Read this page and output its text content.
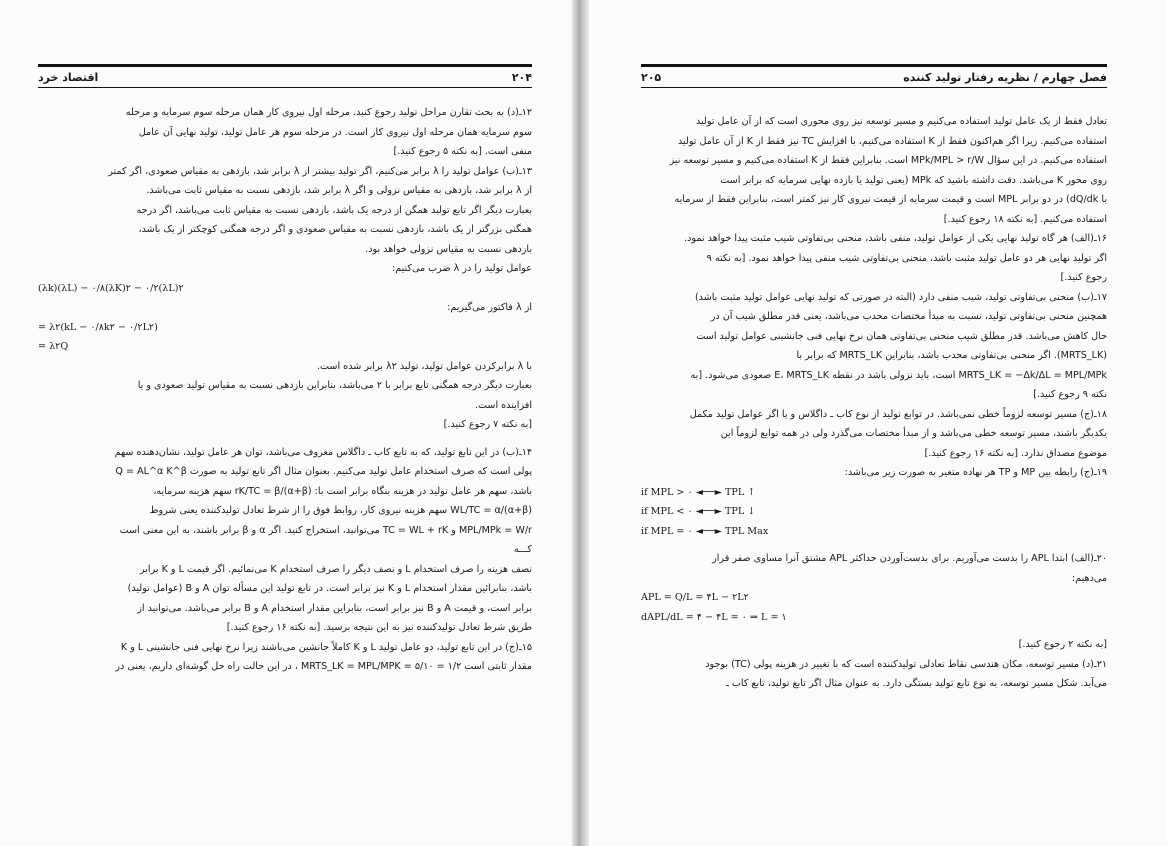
۲۰۴
اقتصاد خرد

۱۲ـ(د) به بحث تقارن مراحل تولید رجوع کنید. مرحله اول نیروی کار همان مرحله سوم سرمایه و مرحله

سوم سرمایه همان مرحله اول نیروی کار است. در مرحله سوم هر عامل تولید، تولید نهایی آن عامل

منفی است. [به نکته ۵ رجوع کنید.]

۱۳ـ(ب) عوامل تولید را λ برابر می‌کنیم، اگر تولید بیشتر از λ برابر شد، بازدهی به مقیاس صعودی، اگر کمتر

از λ برابر شد، بازدهی به مقیاس نزولی و اگر λ برابر شد، بازدهی نسبت به مقیاس ثابت می‌باشد.

بعبارت دیگر اگر تابع تولید همگن از درجه یک باشد، بازدهی نسبت به مقیاس ثابت می‌باشد، اگر درجه

همگنی بزرگتر از یک باشد، بازدهی نسبت به مقیاس صعودی و اگر درجه همگنی کوچکتر از یک باشد،

بازدهی نسبت به مقیاس نزولی خواهد بود.

عوامل تولید را در λ ضرب می‌کنیم:

(λk)(λL) − ۰/۸(λK)۲ − ۰/۲(λL)۲

از λ فاکتور می‌گیریم:

= λ۲(kL − ۰/۸k۲ − ۰/۲L۲)

= λ۲Q

با λ برابرکردن عوامل تولید، تولید λ۲ برابر شده است.

بعبارت دیگر درجه همگنی تابع برابر با ۲ می‌باشد، بنابراین بازدهی نسبت به مقیاس تولید صعودی و یا

افزاینده است.

[به نکته ۷ رجوع کنید.]

۱۴ـ(ب) در این تابع تولید، که به تابع کاب ـ داگلاس معروف می‌باشد، توان هر عامل تولید، نشان‌دهنده سهم

پولی است که صرف استخدام عامل تولید می‌کنیم. بعنوان مثال اگر تابع تولید به صورت Q = AL^α K^β

باشد، سهم هر عامل تولید در هزینه بنگاه برابر است با: rK/TC = β/(α+β) سهم هزینه سرمایه،

WL/TC = α/(α+β) سهم هزینه نیروی کار، روابط فوق را از شرط تعادل تولیدکننده یعنی شروط

MPL/MPk = W/r و TC = WL + rK می‌توانید، استخراج کنید. اگر α و β برابر باشند، به این معنی است

کـــه

نصف هزینه را صرف استخدام L و نصف دیگر را صرف استخدام K می‌نمائیم. اگر قیمت L و K برابر

باشد، بنابرائین مقدار استخدام L و K نیز برابر است. در تابع تولید این مسأله توان A و B (عوامل تولید)

برابر است، و قیمت A و B نیز برابر است، بنابراین مقدار استخدام A و B برابر می‌باشد. می‌توانید از

طریق شرط تعادل تولیدکننده نیز به این نتیجه برسید. [به نکته ۱۶ رجوع کنید.]

۱۵ـ(ج) در این تابع تولید، دو عامل تولید L و K کاملاً جانشین می‌باشند زیرا نرخ نهایی فنی جانشینی L و K

مقدار ثابتی است MRTS_LK = MPL/MPK = ۵/۱۰ = ۱/۲ ، در این حالت راه حل گوشه‌ای داریم، یعنی در

فصل چهارم / نظریه رفتار تولید کننده
۲۰۵

تعادل فقط از یک عامل تولید استفاده می‌کنیم و مسیر توسعه نیز روی محوری است که از آن عامل تولید

استفاده می‌کنیم. زیرا اگر هم‌اکنون فقط از K استفاده می‌کنیم، با افزایش TC نیز فقط از K از آن عامل تولید

استفاده می‌کنیم. در این سؤال MPk/MPL > r/W است. بنابراین فقط از K استفاده می‌کنیم و مسیر توسعه نیز

روی محور K می‌باشد. دقت داشته باشید که MPk (یعنی تولید یا بازده نهایی سرمایه که برابر است

با dQ/dk) در دو برابر MPL است و قیمت سرمایه از قیمت نیروی کار نیز کمتر است، بنابراین فقط از سرمایه

استفاده می‌کنیم. [به نکته ۱۸ رجوع کنید.]

۱۶ـ(الف) هر گاه تولید نهایی یکی از عوامل تولید، منفی باشد، منحنی بی‌تفاوتی شیب مثبت پیدا خواهد نمود.

اگر تولید نهایی هر دو عامل تولید مثبت باشد، منحنی بی‌تفاوتی شیب منفی پیدا خواهد نمود. [به نکته ۹

رجوع کنید.]

۱۷ـ(ب) منحنی بی‌تفاوتی تولید، شیب منفی دارد (البته در صورتی که تولید نهایی عوامل تولید مثبت باشد)

همچنین منحنی بی‌تفاوتی تولید، نسبت به مبدأ مختصات محدب می‌باشد، یعنی قدر مطلق شیب آن در

حال کاهش می‌باشد. قدر مطلق شیب منحنی بی‌تفاوتی همان نرخ نهایی فنی جانشینی عوامل تولید است

(MRTS_LK). اگر منحنی بی‌تفاوتی محدب باشد، بنابراین MRTS_LK که برابر با

MRTS_LK = −Δk/ΔL = MPL/MPk است، باید نزولی باشد در نقطه E، MRTS_LK صعودی می‌شود. [به

نکته ۹ رجوع کنید.]

۱۸ـ(ج) مسیر توسعه لزوماً خطی نمی‌باشد. در توابع تولید از نوع کاب ـ داگلاس و یا اگر عوامل تولید مکمل

یکدیگر باشند، مسیر توسعه خطی می‌باشد و از مبدأ مختصات می‌گذرد ولی در همه توابع لزوماً این

موضوع مصداق ندارد. [به نکته ۱۶ رجوع کنید.]

۱۹ـ(ج) رابطه بین MP و TP هر نهاده متغیر به صورت زیر می‌باشد:

if MPL > ۰ ◄──► TPL ↑

if MPL < ۰ ◄──► TPL ↓

if MPL = ۰ ◄──► TPL Max

۲۰ـ(الف) ابتدا APL را بدست می‌آوریم. برای بدست‌آوردن حداکثر APL مشتق آنرا مساوی صفر قرار

می‌دهیم:

APL = Q/L = ۴L − ۲L۲

dAPL/dL = ۴ − ۴L = ۰ ⇒ L = ۱

[به نکته ۲ رجوع کنید.]

۲۱ـ(د) مسیر توسعه، مکان هندسی نقاط تعادلی تولیدکننده است که با تغییر در هزینه پولی (TC) بوجود

می‌آید. شکل مسیر توسعه، به نوع تابع تولید بستگی دارد. به عنوان مثال اگر تابع تولید، تابع کاب ـ
